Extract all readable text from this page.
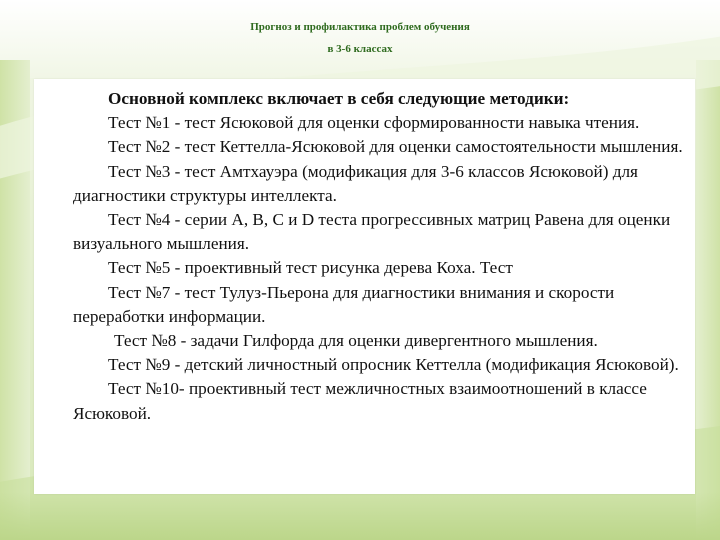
Прогноз и профилактика проблем обучения
в 3-6 классах

Основной комплекс включает в себя следующие методики:

Тест №1 - тест Ясюковой для оценки сформированности навыка чтения.

Тест №2 - тест Кеттелла-Ясюковой для оценки самостоятельности мышления.

Тест №3 - тест Амтхауэра (модификация для 3-6 классов Ясюковой) для диагностики структуры интеллекта.

Тест №4 - серии А, В, С и D теста прогрессивных матриц Равена для оценки визуального мышления.

Тест №5 - проективный тест рисунка дерева Коха. Тест

Тест №7 - тест Тулуз-Пьерона для диагностики внимания и скорости переработки информации.

Тест №8 - задачи Гилфорда для оценки дивергентного мышления.

Тест №9 - детский личностный опросник Кеттелла (модификация Ясюковой).

Тест №10- проективный тест межличностных взаимоотношений в классе Ясюковой.
